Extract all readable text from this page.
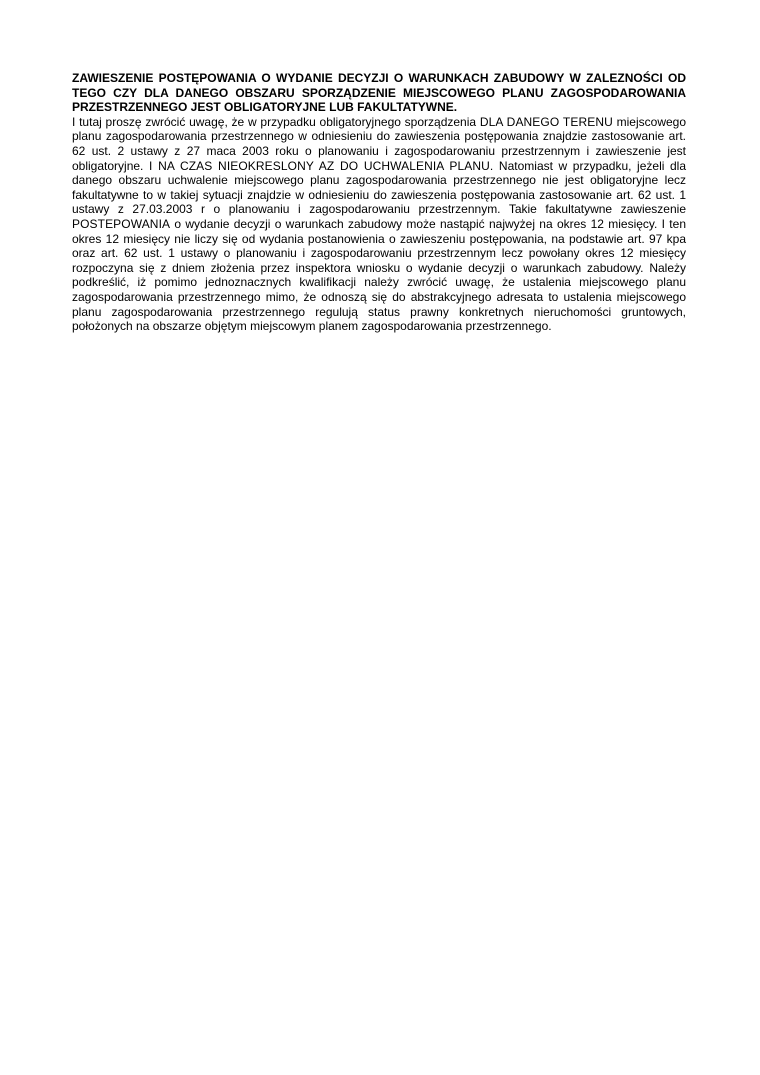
ZAWIESZENIE POSTĘPOWANIA O WYDANIE DECYZJI O WARUNKACH ZABUDOWY W ZALEZNOŚCI OD TEGO CZY DLA DANEGO OBSZARU SPORZĄDZENIE MIEJSCOWEGO PLANU ZAGOSPODAROWANIA PRZESTRZENNEGO JEST OBLIGATORYJNE LUB FAKULTATYWNE.

I tutaj proszę zwrócić uwagę, że w przypadku obligatoryjnego sporządzenia DLA DANEGO TERENU miejscowego planu zagospodarowania przestrzennego w odniesieniu do zawieszenia postępowania znajdzie zastosowanie art. 62 ust. 2 ustawy z 27 maca 2003 roku o planowaniu i zagospodarowaniu przestrzennym i zawieszenie jest obligatoryjne. I NA CZAS NIEOKRESLONY AZ DO UCHWALENIA PLANU. Natomiast w przypadku, jeżeli dla danego obszaru uchwalenie miejscowego planu zagospodarowania przestrzennego nie jest obligatoryjne lecz fakultatywne to w takiej sytuacji znajdzie w odniesieniu do zawieszenia postępowania zastosowanie art. 62 ust. 1 ustawy z 27.03.2003 r o planowaniu i zagospodarowaniu przestrzennym. Takie fakultatywne zawieszenie POSTEPOWANIA o wydanie decyzji o warunkach zabudowy może nastąpić najwyżej na okres 12 miesięcy. I ten okres 12 miesięcy nie liczy się od wydania postanowienia o zawieszeniu postępowania, na podstawie art. 97 kpa oraz art. 62 ust. 1 ustawy o planowaniu i zagospodarowaniu przestrzennym lecz powołany okres 12 miesięcy rozpoczyna się z dniem złożenia przez inspektora wniosku o wydanie decyzji o warunkach zabudowy. Należy podkreślić, iż pomimo jednoznacznych kwalifikacji należy zwrócić uwagę, że ustalenia miejscowego planu zagospodarowania przestrzennego mimo, że odnoszą się do abstrakcyjnego adresata to ustalenia miejscowego planu zagospodarowania przestrzennego regulują status prawny konkretnych nieruchomości gruntowych, położonych na obszarze objętym miejscowym planem zagospodarowania przestrzennego.
